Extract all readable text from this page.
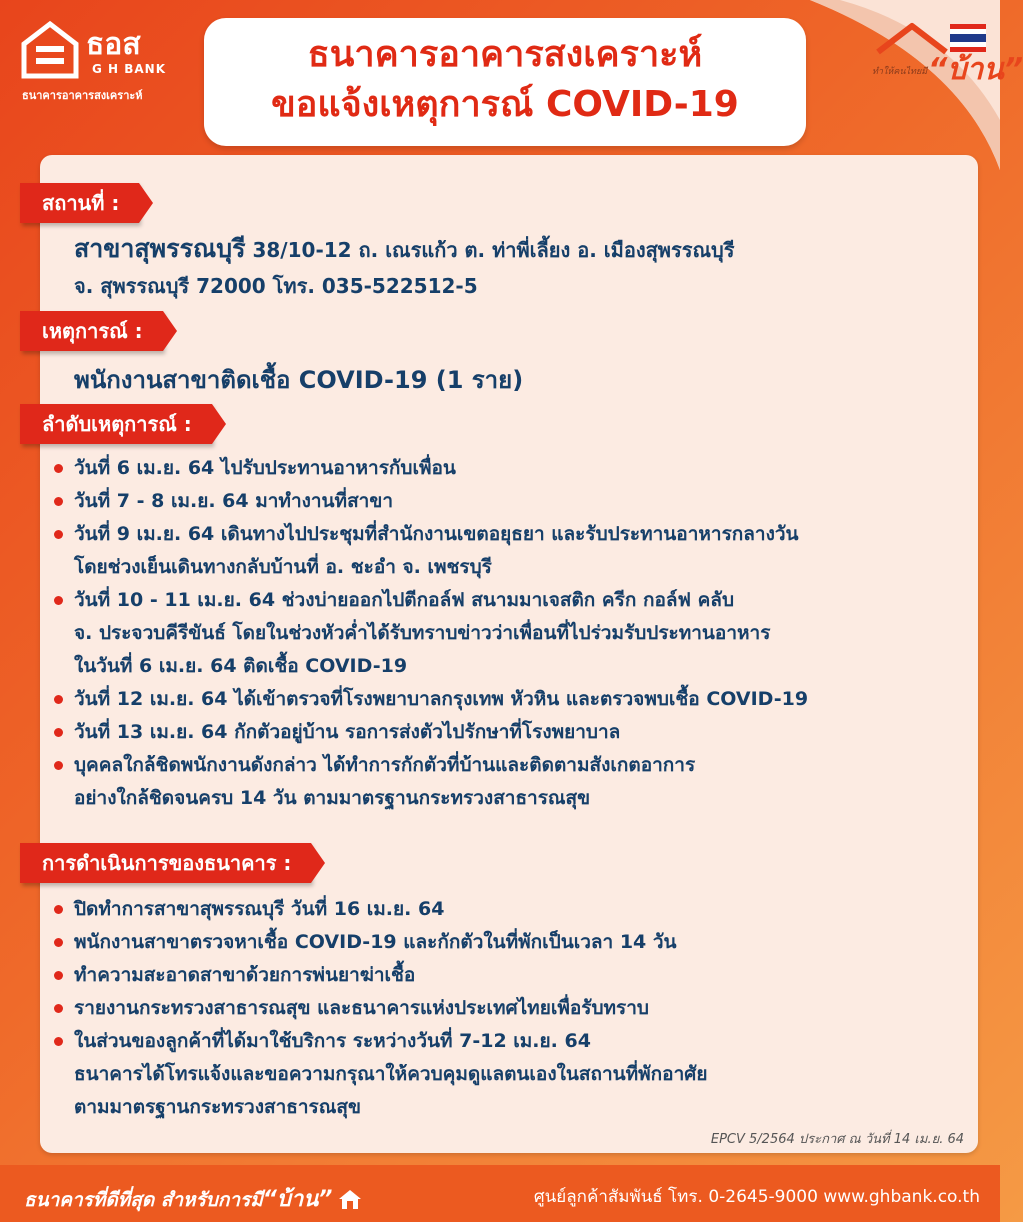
ธอส
G H BANK
ธนาคารอาคารสงเคราะห์
ธนาคารอาคารสงเคราะห์
ขอแจ้งเหตุการณ์ COVID-19
ทำให้คนไทยมี “บ้าน”
สถานที่ :
สาขาสุพรรณบุรี 38/10-12 ถ. เณรแก้ว ต. ท่าพี่เลี้ยง อ. เมืองสุพรรณบุรี
จ. สุพรรณบุรี 72000 โทร. 035-522512-5
เหตุการณ์ :
พนักงานสาขาติดเชื้อ COVID-19 (1 ราย)
ลำดับเหตุการณ์ :
วันที่ 6 เม.ย. 64 ไปรับประทานอาหารกับเพื่อน
วันที่ 7 - 8 เม.ย. 64 มาทำงานที่สาขา
วันที่ 9 เม.ย. 64 เดินทางไปประชุมที่สำนักงานเขตอยุธยา และรับประทานอาหารกลางวัน
โดยช่วงเย็นเดินทางกลับบ้านที่ อ. ชะอำ จ. เพชรบุรี
วันที่ 10 - 11 เม.ย. 64 ช่วงบ่ายออกไปตีกอล์ฟ สนามมาเจสติก ครีก กอล์ฟ คลับ
จ. ประจวบคีรีขันธ์ โดยในช่วงหัวค่ำได้รับทราบข่าวว่าเพื่อนที่ไปร่วมรับประทานอาหาร
ในวันที่ 6 เม.ย. 64 ติดเชื้อ COVID-19
วันที่ 12 เม.ย. 64 ได้เข้าตรวจที่โรงพยาบาลกรุงเทพ หัวหิน และตรวจพบเชื้อ COVID-19
วันที่ 13 เม.ย. 64 กักตัวอยู่บ้าน รอการส่งตัวไปรักษาที่โรงพยาบาล
บุคคลใกล้ชิดพนักงานดังกล่าว ได้ทำการกักตัวที่บ้านและติดตามสังเกตอาการ
อย่างใกล้ชิดจนครบ 14 วัน ตามมาตรฐานกระทรวงสาธารณสุข
การดำเนินการของธนาคาร :
ปิดทำการสาขาสุพรรณบุรี วันที่ 16 เม.ย. 64
พนักงานสาขาตรวจหาเชื้อ COVID-19 และกักตัวในที่พักเป็นเวลา 14 วัน
ทำความสะอาดสาขาด้วยการพ่นยาฆ่าเชื้อ
รายงานกระทรวงสาธารณสุข และธนาคารแห่งประเทศไทยเพื่อรับทราบ
ในส่วนของลูกค้าที่ได้มาใช้บริการ ระหว่างวันที่ 7-12 เม.ย. 64
ธนาคารได้โทรแจ้งและขอความกรุณาให้ควบคุมดูแลตนเองในสถานที่พักอาศัย
ตามมาตรฐานกระทรวงสาธารณสุข
EPCV 5/2564 ประกาศ ณ วันที่ 14 เม.ย. 64
ธนาคารที่ดีที่สุด สำหรับการมี“บ้าน”	ศูนย์ลูกค้าสัมพันธ์ โทร. 0-2645-9000 www.ghbank.co.th
